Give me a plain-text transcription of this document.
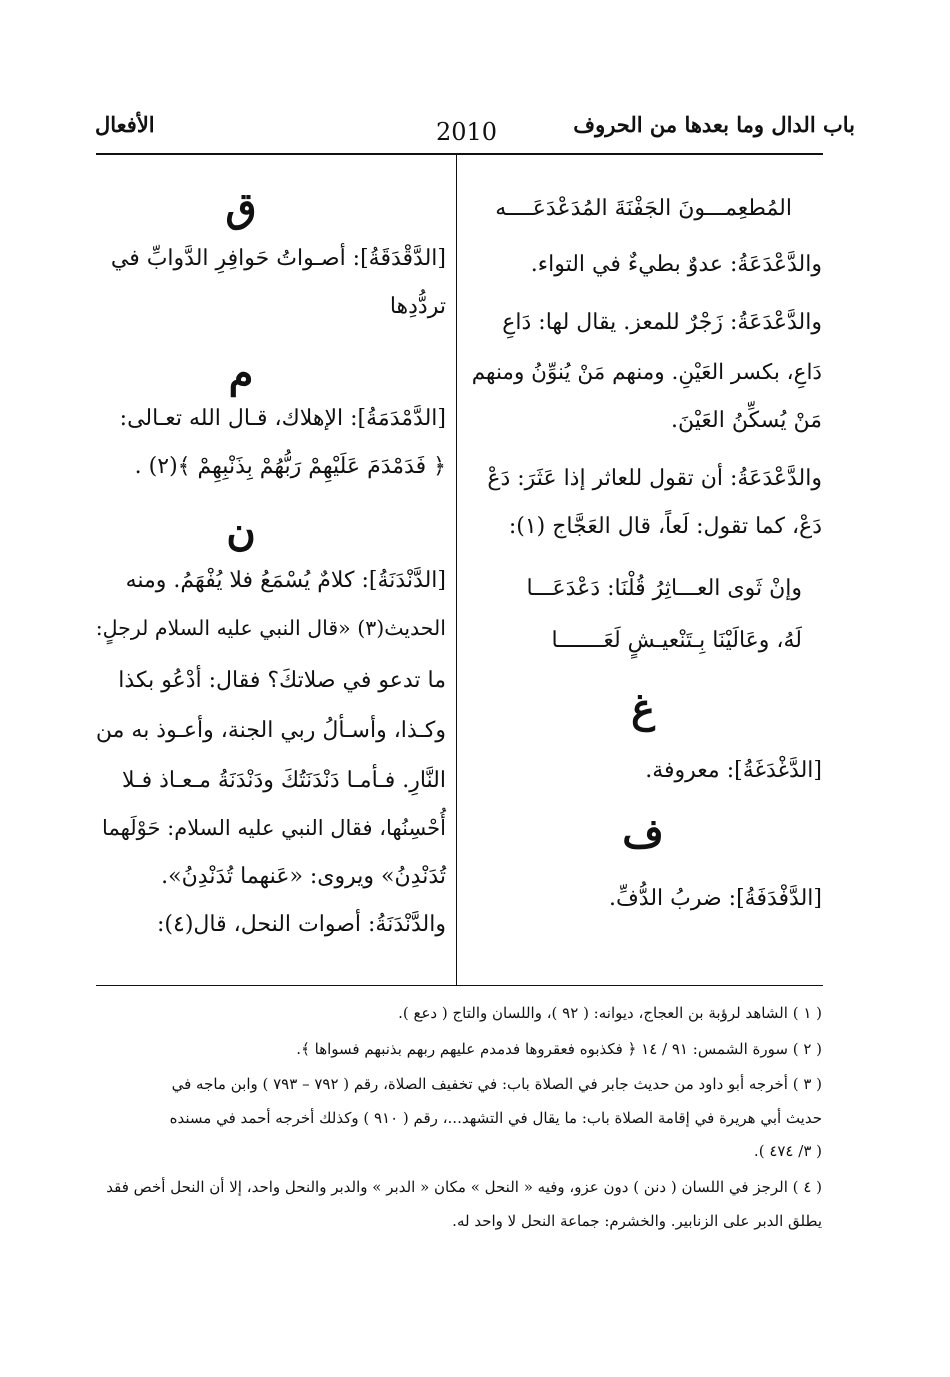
باب الدال وما بعدها من الحروف
2010
الأفعال
المُطعِمـــونَ الجَفْنَةَ المُدَعْدَعَــــه
والدَّعْدَعَةُ: عدوٌ بطيءٌ في التواء.
والدَّعْدَعَةُ: زَجْرٌ للمعز. يقال لها: دَاعِ
دَاعِ، بكسر العَيْنِ. ومنهم مَنْ يُنوِّنُ ومنهم
مَنْ يُسكِّنُ العَيْنَ.
والدَّعْدَعَةُ: أن تقول للعاثر إذا عَثَرَ: دَعْ
دَعْ، كما تقول: لَعاً، قال العَجَّاج (١):
وإنْ ثَوى العـــاثِرُ قُلْنَا: دَعْدَعَـــا
لَهُ، وعَالَيْنَا بِـتَنْعيـشٍ لَعَـــــــا
غ
[الدَّغْدَغَةُ]: معروفة.
ف
[الدَّفْدَفَةُ]: ضربُ الدُّفِّ.
ق
[الدَّقْدَقَةُ]: أصـواتُ حَوافِرِ الدَّوابِّ في
تردُّدِها
م
[الدَّمْدَمَةُ]: الإهلاك، قـال الله تعـالى:
﴿ فَدَمْدَمَ عَلَيْهِمْ رَبُّهُمْ بِذَنْبِهِمْ ﴾(٢) .
ن
[الدَّنْدَنَةُ]: كلامٌ يُسْمَعُ فلا يُفْهَمُ. ومنه
الحديث(٣) «قال النبي عليه السلام لرجلٍ:
ما تدعو في صلاتكَ؟ فقال: أدْعُو بكذا
وكـذا، وأسـألُ ربي الجنة، وأعـوذ به من
النَّارِ. فـأمـا دَنْدَنَتُكَ ودَنْدَنَةُ مـعـاذ فـلا
أُحْسِنُها، فقال النبي عليه السلام: حَوْلَهما
تُدَنْدِنُ» ويروى: «عَنهما تُدَنْدِنُ».
والدَّنْدَنَةُ: أصوات النحل، قال(٤):
( ١ ) الشاهد لرؤبة بن العجاج، ديوانه: ( ٩٢ )، واللسان والتاج ( دعع ).
( ٢ ) سورة الشمس: ٩١ / ١٤ ﴿ فكذبوه فعقروها فدمدم عليهم ربهم بذنبهم فسواها ﴾.
( ٣ ) أخرجه أبو داود من حديث جابر في الصلاة باب: في تخفيف الصلاة، رقم ( ٧٩٢ – ٧٩٣ ) وابن ماجه في
حديث أبي هريرة في إقامة الصلاة باب: ما يقال في التشهد...، رقم ( ٩١٠ ) وكذلك أخرجه أحمد في مسنده
( ٣/ ٤٧٤ ).
( ٤ ) الرجز في اللسان ( دنن ) دون عزو، وفيه « النحل » مكان « الدبر » والدبر والنحل واحد، إلا أن النحل أخص فقد
يطلق الدبر على الزنابير. والخشرم: جماعة النحل لا واحد له.
